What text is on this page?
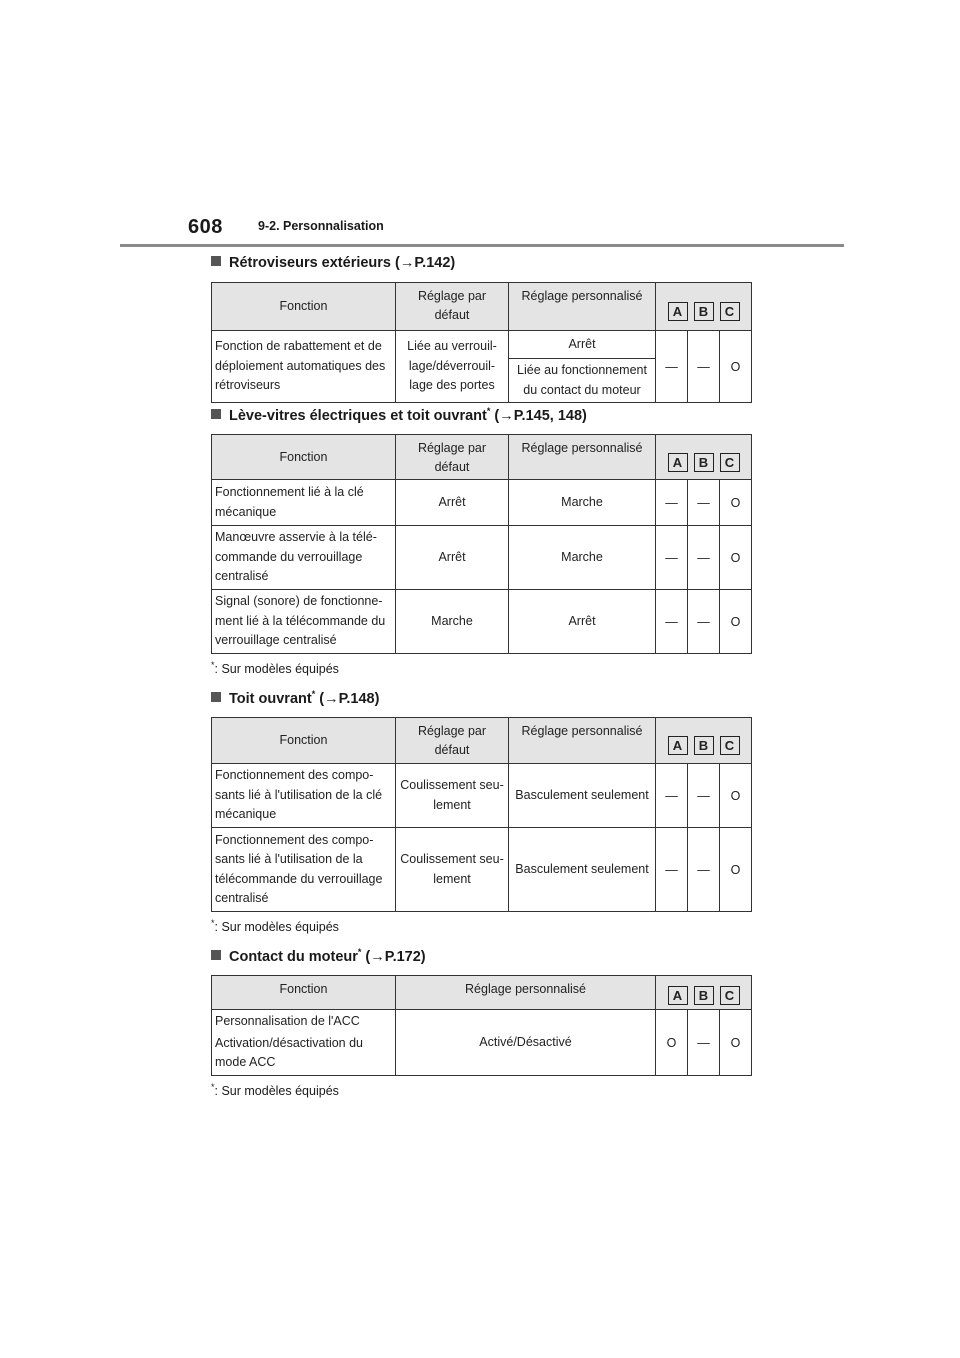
608	9-2. Personnalisation
Rétroviseurs extérieurs (→P.142)
Fonction	Réglage par défaut	Réglage personnalisé	A B C		

Fonction de rabattement et de déploiement automatiques des rétroviseurs	Liée au verrouil-lage/déverrouil-lage des portes	Arrêt	—	—	O
		Liée au fonctionnement du contact du moteur			
Lève-vitres électriques et toit ouvrant* (→P.145, 148)
Fonction	Réglage par défaut	Réglage personnalisé	A B C		

Fonctionnement lié à la clé mécanique	Arrêt	Marche	—	—	O
Manœuvre asservie à la télé-commande du verrouillage centralisé	Arrêt	Marche	—	—	O
Signal (sonore) de fonctionne-ment lié à la télécommande du verrouillage centralisé	Marche	Arrêt	—	—	O
*: Sur modèles équipés
Toit ouvrant* (→P.148)
Fonction	Réglage par défaut	Réglage personnalisé	A B C		

Fonctionnement des compo-sants lié à l'utilisation de la clé mécanique	Coulissement seu-lement	Basculement seulement	—	—	O
Fonctionnement des compo-sants lié à l'utilisation de la télécommande du verrouillage centralisé	Coulissement seu-lement	Basculement seulement	—	—	O
*: Sur modèles équipés
Contact du moteur* (→P.172)
Fonction	Réglage personnalisé	A B C		

Personnalisation de l'ACC
Activation/désactivation du mode ACC	Activé/Désactivé	O	—	O
*: Sur modèles équipés
